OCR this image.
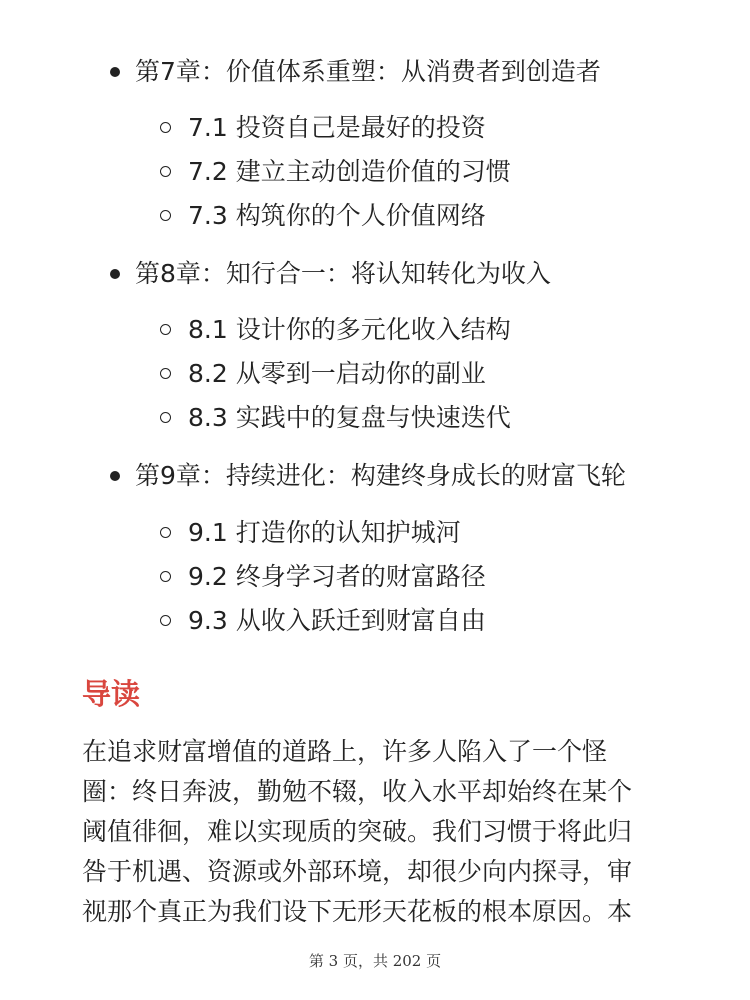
第7章：价值体系重塑：从消费者到创造者
7.1 投资自己是最好的投资
7.2 建立主动创造价值的习惯
7.3 构筑你的个人价值网络
第8章：知行合一：将认知转化为收入
8.1 设计你的多元化收入结构
8.2 从零到一启动你的副业
8.3 实践中的复盘与快速迭代
第9章：持续进化：构建终身成长的财富飞轮
9.1 打造你的认知护城河
9.2 终身学习者的财富路径
9.3 从收入跃迁到财富自由
导读
在追求财富增值的道路上，许多人陷入了一个怪
圈：终日奔波，勤勉不辍，收入水平却始终在某个
阈值徘徊，难以实现质的突破。我们习惯于将此归
咎于机遇、资源或外部环境，却很少向内探寻，审
视那个真正为我们设下无形天花板的根本原因。本
第 3 页，共 202 页
